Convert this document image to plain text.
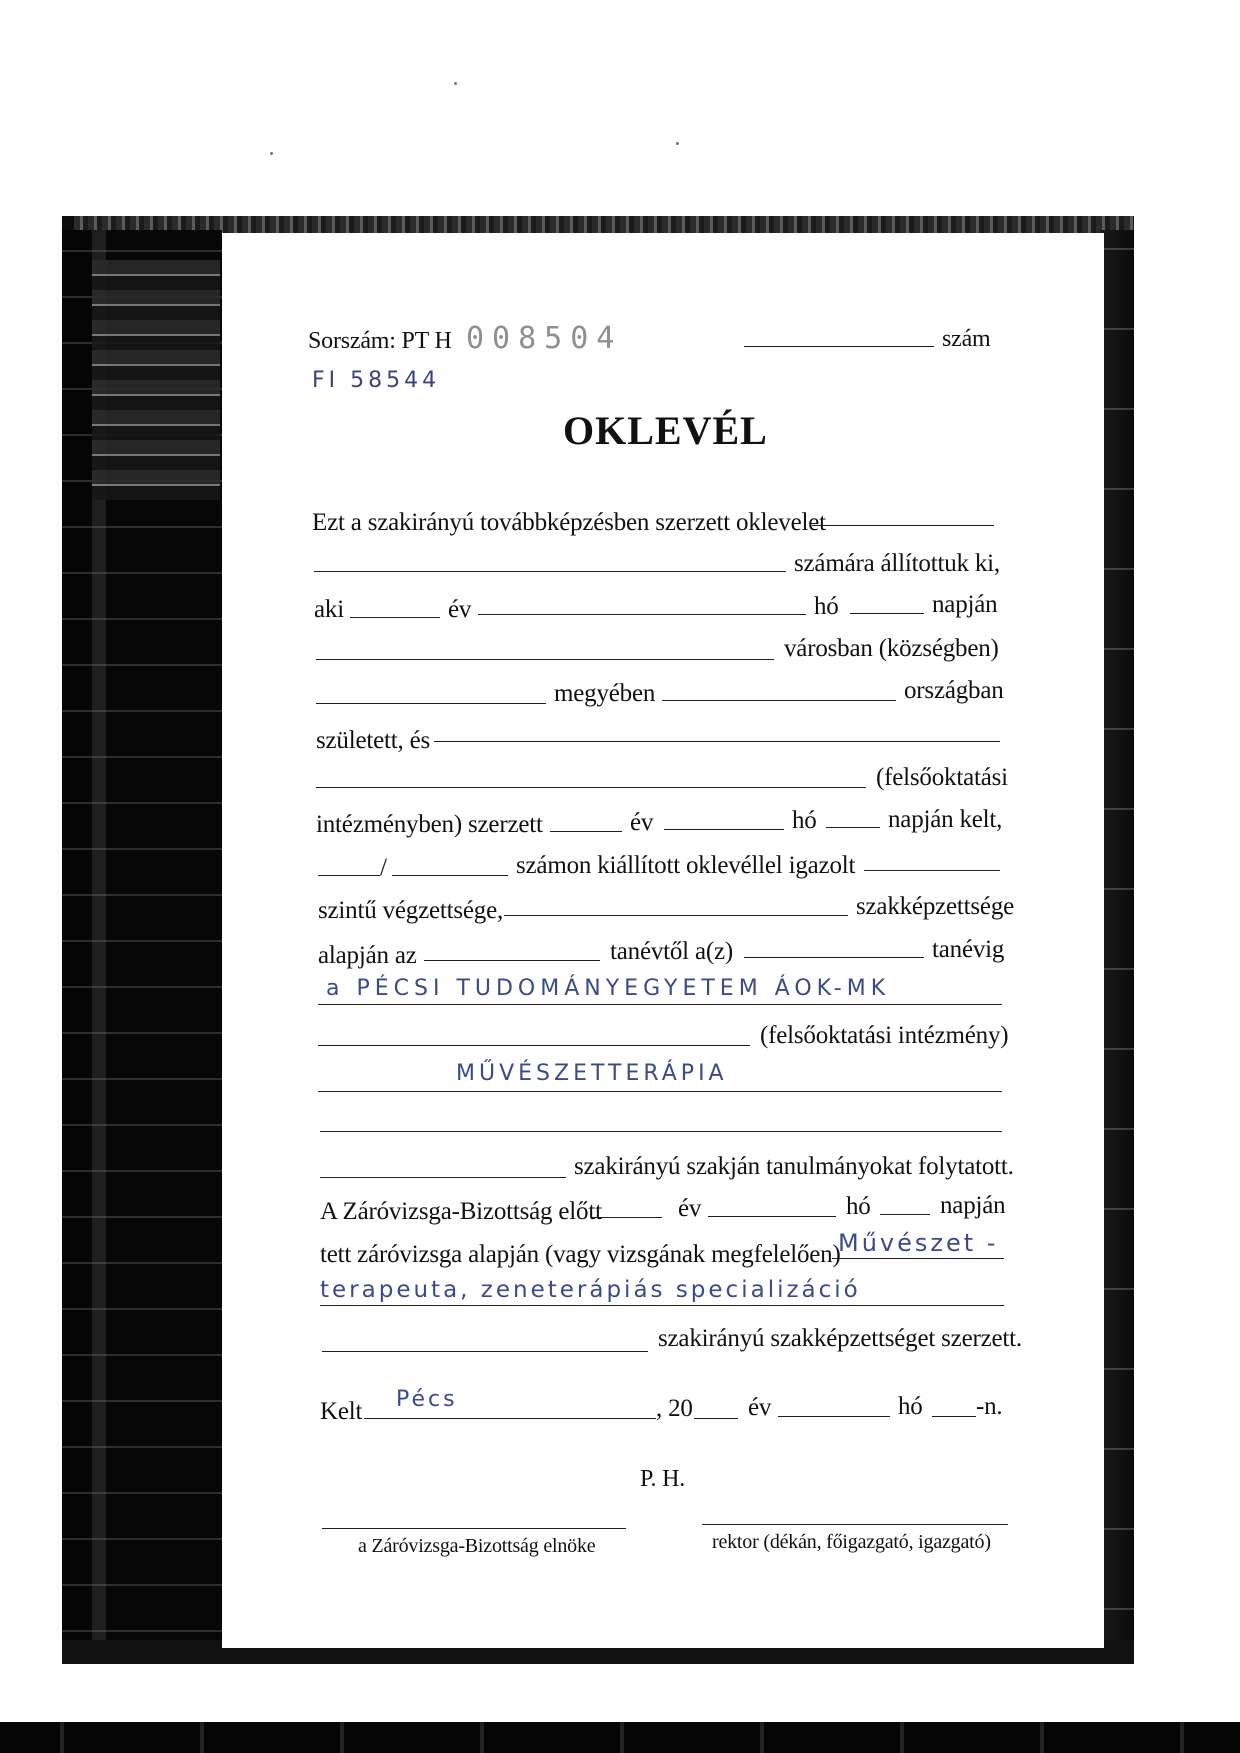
Sorszám: PT H 008504
FI 58544
szám
OKLEVÉL
Ezt a szakirányú továbbképzésben szerzett oklevelet
számára állítottuk ki,
aki	év	hó	napján
városban (községben)
megyében	országban
született, és
(felsőoktatási
intézményben) szerzett	év	hó	napján kelt,
/	számon kiállított oklevéllel igazolt
szintű végzettsége,	szakképzettsége
alapján az	tanévtől a(z)	tanévig
a PÉCSI TUDOMÁNYEGYETEM ÁOK-MK
(felsőoktatási intézmény)
MŰVÉSZETTERÁPIA
szakirányú szakján tanulmányokat folytatott.
A Záróvizsga-Bizottság előtt	év	hó	napján
tett záróvizsga alapján (vagy vizsgának megfelelően)
Művészet -
terapeuta, zeneterápiás specializáció
szakirányú szakképzettséget szerzett.
Kelt Pécs	, 20 év	hó -n.
P. H.
a Záróvizsga-Bizottság elnöke	rektor (dékán, főigazgató, igazgató)
